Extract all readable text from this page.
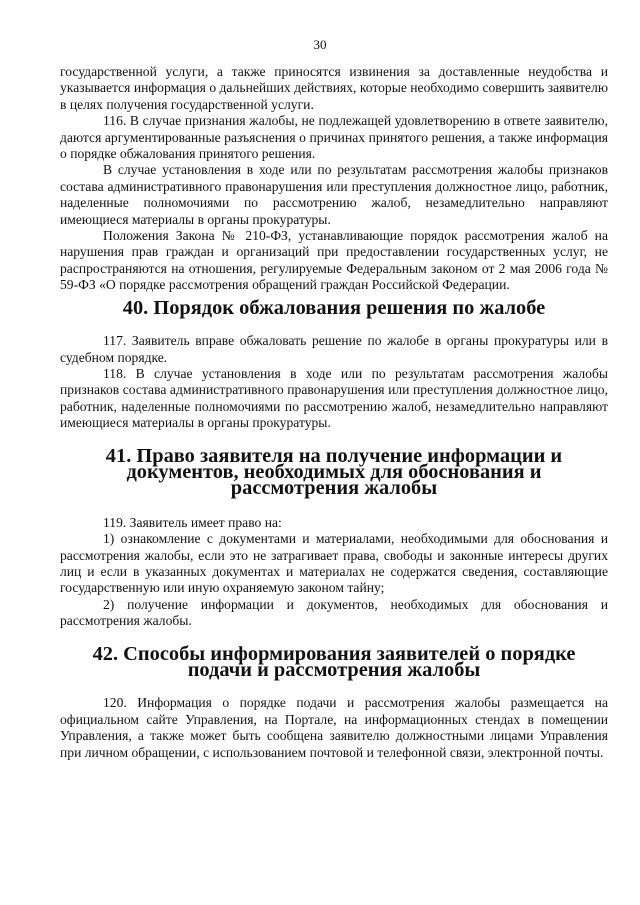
30

государственной услуги, а также приносятся извинения за доставленные неудобства и указывается информация о дальнейших действиях, которые необходимо совершить заявителю в целях получения государственной услуги.

116. В случае признания жалобы, не подлежащей удовлетворению в ответе заявителю, даются аргументированные разъяснения о причинах принятого решения, а также информация о порядке обжалования принятого решения.

В случае установления в ходе или по результатам рассмотрения жалобы признаков состава административного правонарушения или преступления должностное лицо, работник, наделенные полномочиями по рассмотрению жалоб, незамедлительно направляют имеющиеся материалы в органы прокуратуры.

Положения Закона № 210-ФЗ, устанавливающие порядок рассмотрения жалоб на нарушения прав граждан и организаций при предоставлении государственных услуг, не распространяются на отношения, регулируемые Федеральным законом от 2 мая 2006 года № 59-ФЗ «О порядке рассмотрения обращений граждан Российской Федерации.

40. Порядок обжалования решения по жалобе

117. Заявитель вправе обжаловать решение по жалобе в органы прокуратуры или в судебном порядке.

118. В случае установления в ходе или по результатам рассмотрения жалобы признаков состава административного правонарушения или преступления должностное лицо, работник, наделенные полномочиями по рассмотрению жалоб, незамедлительно направляют имеющиеся материалы в органы прокуратуры.

41. Право заявителя на получение информации и документов, необходимых для обоснования и рассмотрения жалобы

119. Заявитель имеет право на:

1) ознакомление с документами и материалами, необходимыми для обоснования и рассмотрения жалобы, если это не затрагивает права, свободы и законные интересы других лиц и если в указанных документах и материалах не содержатся сведения, составляющие государственную или иную охраняемую законом тайну;

2) получение информации и документов, необходимых для обоснования и рассмотрения жалобы.

42. Способы информирования заявителей о порядке подачи и рассмотрения жалобы

120. Информация о порядке подачи и рассмотрения жалобы размещается на официальном сайте Управления, на Портале, на информационных стендах в помещении Управления, а также может быть сообщена заявителю должностными лицами Управления при личном обращении, с использованием почтовой и телефонной связи, электронной почты.
